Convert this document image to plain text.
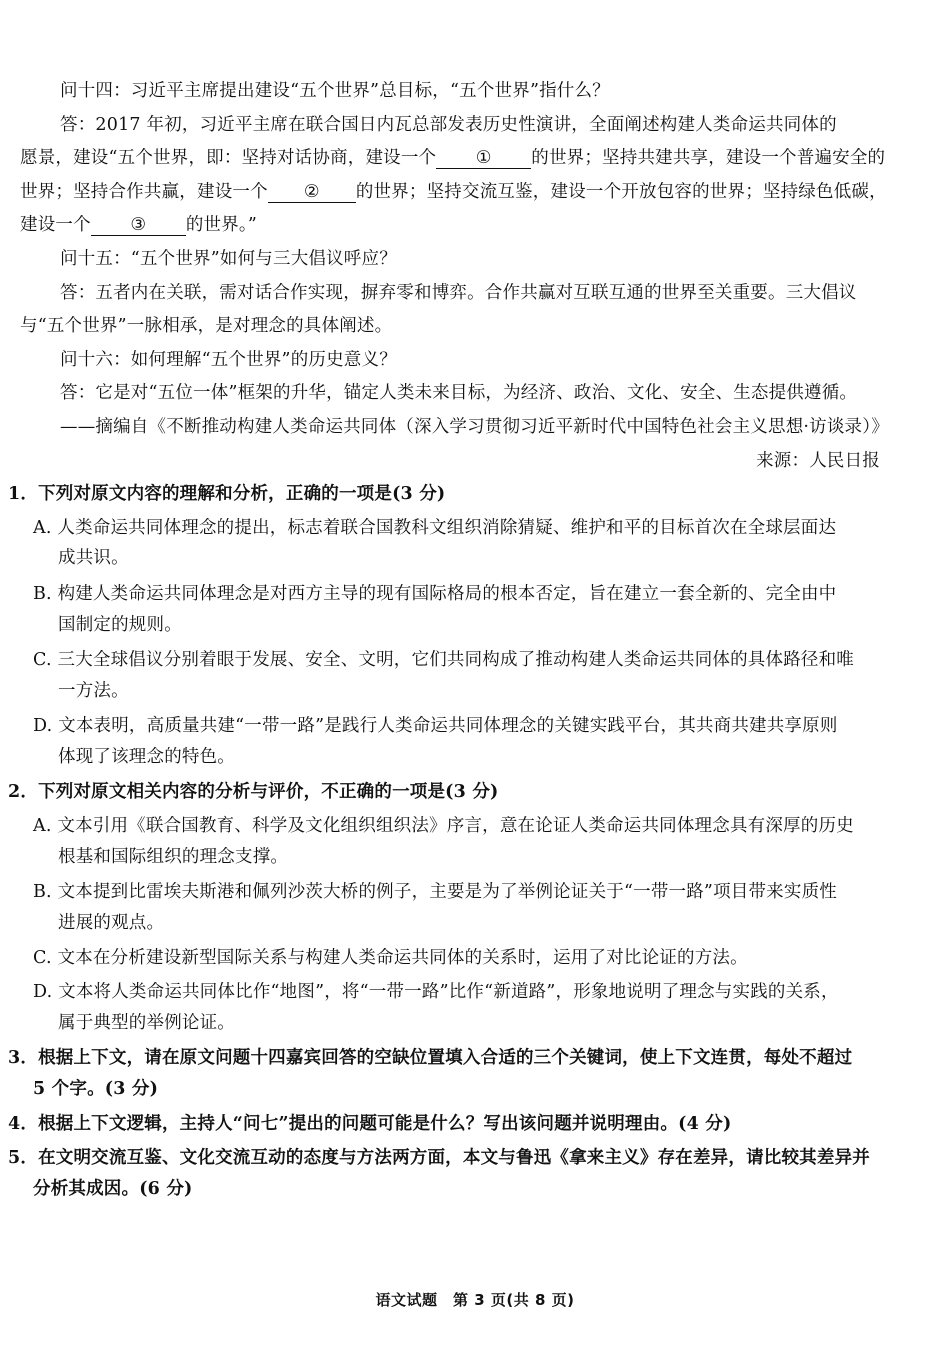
问十四：习近平主席提出建设“五个世界”总目标，“五个世界”指什么？
答：2017 年初，习近平主席在联合国日内瓦总部发表历史性演讲，全面阐述构建人类命运共同体的
愿景，建设“五个世界，即：坚持对话协商，建设一个 ① 的世界；坚持共建共享，建设一个普遍安全的
世界；坚持合作共赢，建设一个 ② 的世界；坚持交流互鉴，建设一个开放包容的世界；坚持绿色低碳，
建设一个 ③ 的世界。”
问十五：“五个世界”如何与三大倡议呼应？
答：五者内在关联，需对话合作实现，摒弃零和博弈。合作共赢对互联互通的世界至关重要。三大倡议
与“五个世界”一脉相承，是对理念的具体阐述。
问十六：如何理解“五个世界”的历史意义？
答：它是对“五位一体”框架的升华，锚定人类未来目标，为经济、政治、文化、安全、生态提供遵循。
——摘编自《不断推动构建人类命运共同体（深入学习贯彻习近平新时代中国特色社会主义思想·访谈录）》
来源：人民日报
1．下列对原文内容的理解和分析，正确的一项是(3 分)
A. 人类命运共同体理念的提出，标志着联合国教科文组织消除猜疑、维护和平的目标首次在全球层面达
成共识。
B. 构建人类命运共同体理念是对西方主导的现有国际格局的根本否定，旨在建立一套全新的、完全由中
国制定的规则。
C. 三大全球倡议分别着眼于发展、安全、文明，它们共同构成了推动构建人类命运共同体的具体路径和唯
一方法。
D. 文本表明，高质量共建“一带一路”是践行人类命运共同体理念的关键实践平台，其共商共建共享原则
体现了该理念的特色。
2．下列对原文相关内容的分析与评价，不正确的一项是(3 分)
A. 文本引用《联合国教育、科学及文化组织组织法》序言，意在论证人类命运共同体理念具有深厚的历史
根基和国际组织的理念支撑。
B. 文本提到比雷埃夫斯港和佩列沙茨大桥的例子，主要是为了举例论证关于“一带一路”项目带来实质性
进展的观点。
C. 文本在分析建设新型国际关系与构建人类命运共同体的关系时，运用了对比论证的方法。
D. 文本将人类命运共同体比作“地图”，将“一带一路”比作“新道路”，形象地说明了理念与实践的关系，
属于典型的举例论证。
3．根据上下文，请在原文问题十四嘉宾回答的空缺位置填入合适的三个关键词，使上下文连贯，每处不超过
5 个字。(3 分)
4．根据上下文逻辑，主持人“问七”提出的问题可能是什么？写出该问题并说明理由。(4 分)
5．在文明交流互鉴、文化交流互动的态度与方法两方面，本文与鲁迅《拿来主义》存在差异，请比较其差异并
分析其成因。(6 分)
语文试题　第 3 页(共 8 页)
